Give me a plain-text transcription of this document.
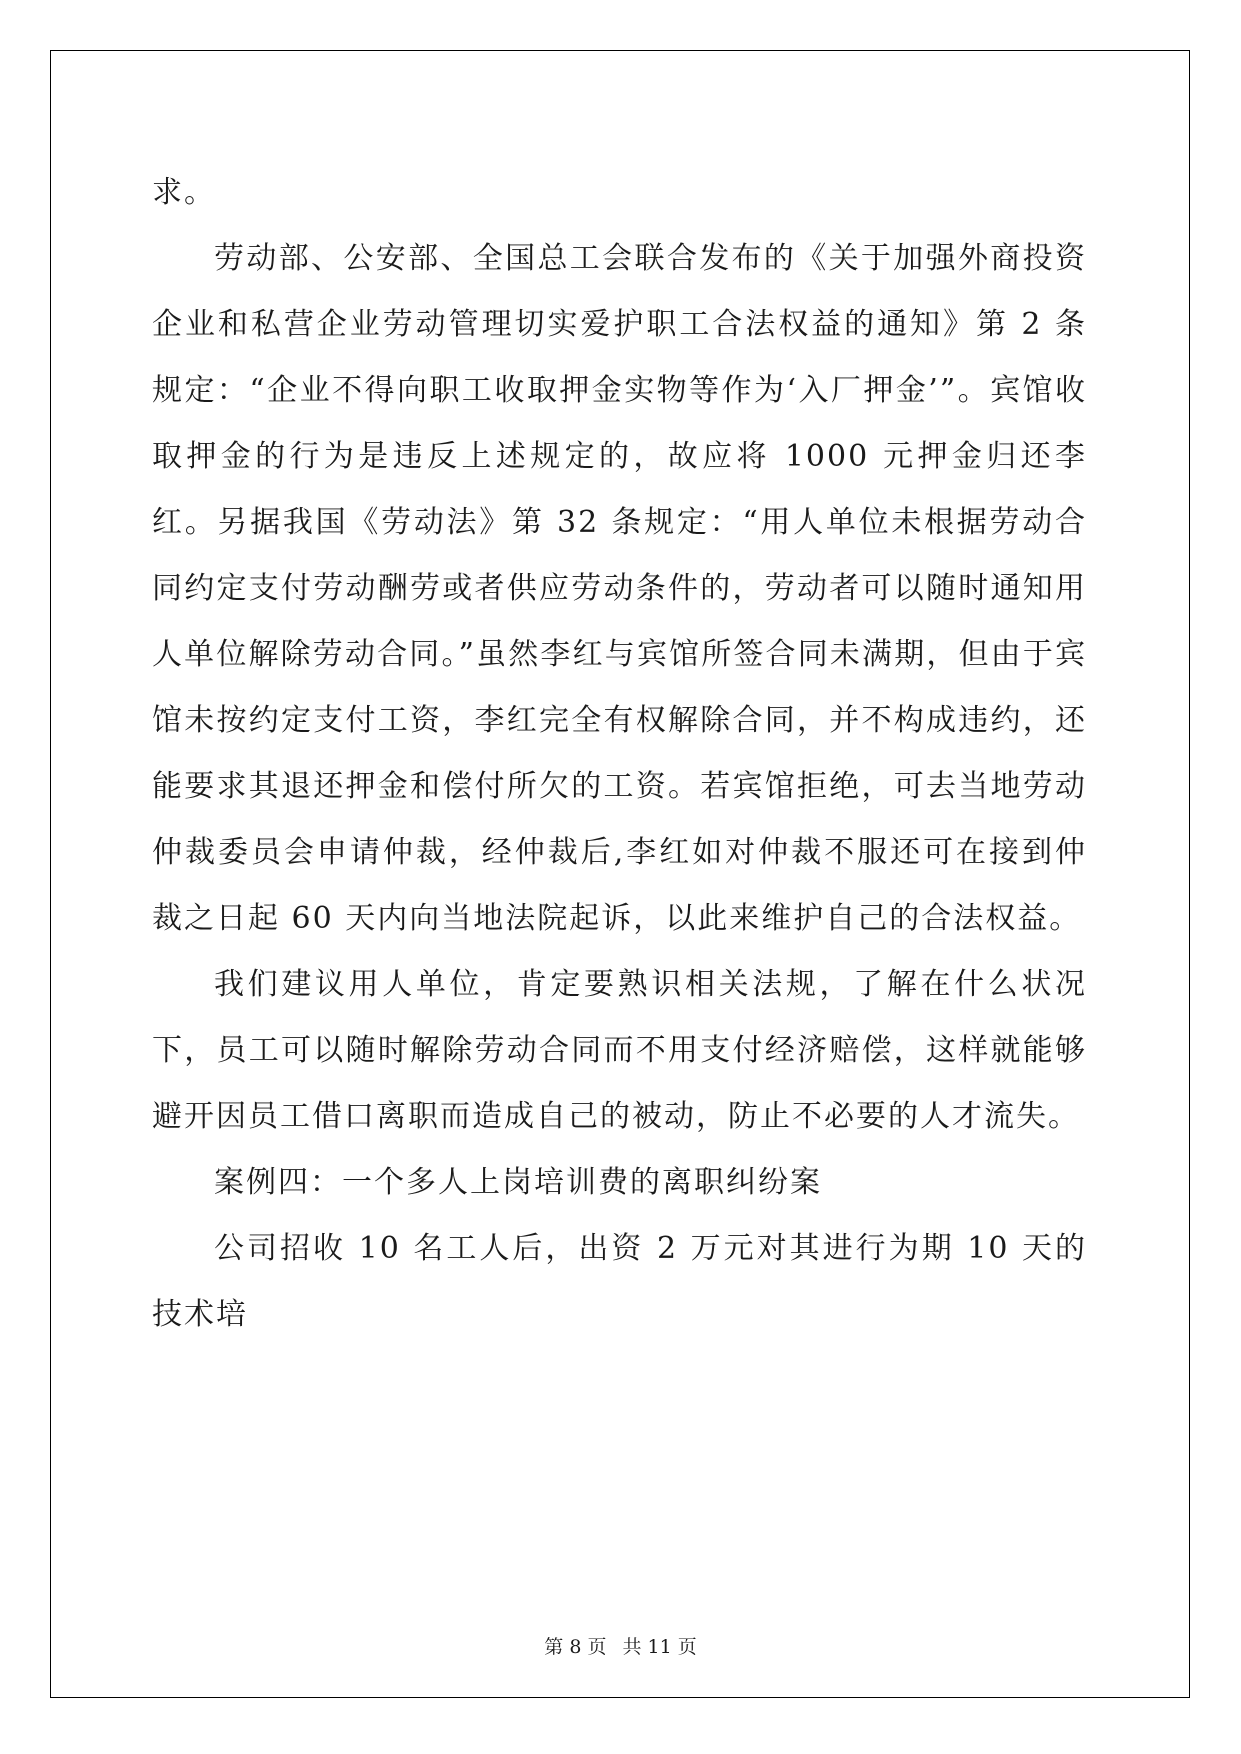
求。

劳动部、公安部、全国总工会联合发布的《关于加强外商投资企业和私营企业劳动管理切实爱护职工合法权益的通知》第 2 条规定：“企业不得向职工收取押金实物等作为‘入厂押金’”。宾馆收取押金的行为是违反上述规定的，故应将 1000 元押金归还李红。另据我国《劳动法》第 32 条规定：“用人单位未根据劳动合同约定支付劳动酬劳或者供应劳动条件的，劳动者可以随时通知用人单位解除劳动合同。”虽然李红与宾馆所签合同未满期，但由于宾馆未按约定支付工资，李红完全有权解除合同，并不构成违约，还能要求其退还押金和偿付所欠的工资。若宾馆拒绝，可去当地劳动仲裁委员会申请仲裁，经仲裁后,李红如对仲裁不服还可在接到仲裁之日起 60 天内向当地法院起诉，以此来维护自己的合法权益。

我们建议用人单位，肯定要熟识相关法规，了解在什么状况下，员工可以随时解除劳动合同而不用支付经济赔偿，这样就能够避开因员工借口离职而造成自己的被动，防止不必要的人才流失。

案例四：一个多人上岗培训费的离职纠纷案

公司招收 10 名工人后，出资 2 万元对其进行为期 10 天的技术培

第 8 页 共 11 页
